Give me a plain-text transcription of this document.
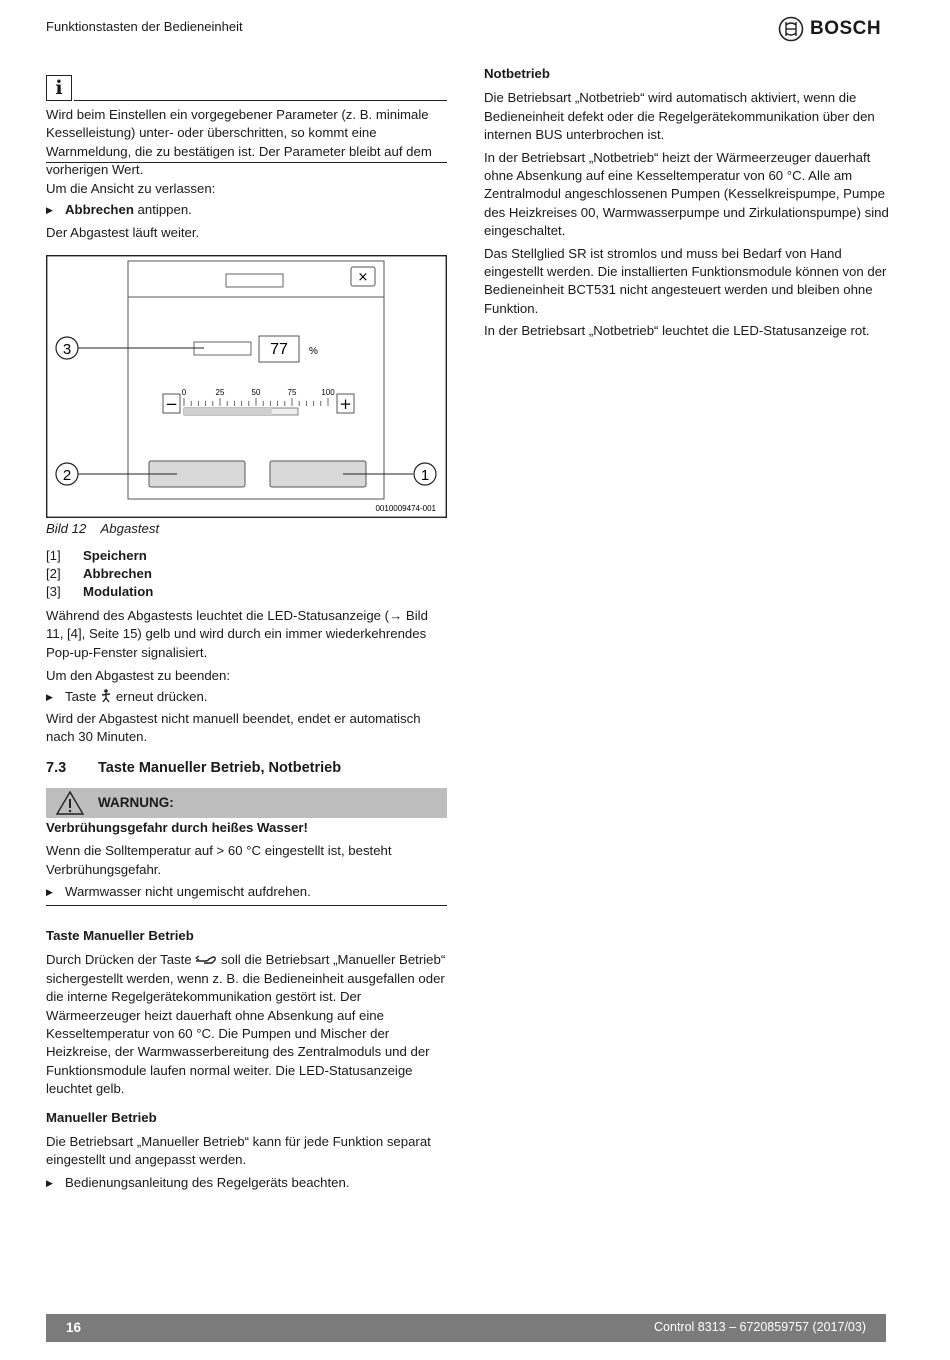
Funktionstasten der Bedieneinheit	BOSCH
i

Wird beim Einstellen ein vorgegebener Parameter (z. B. minimale Kesselleistung) unter- oder überschritten, so kommt eine Warnmeldung, die zu bestätigen ist. Der Parameter bleibt auf dem vorherigen Wert.

Um die Ansicht zu verlassen:

▶ Abbrechen antippen.

Der Abgastest läuft weiter.

×
77 %
0	25	50	75	100
−	+
3
2	1
0010009474-001

Bild 12    Abgastest

[1]	Speichern
[2]	Abbrechen
[3]	Modulation

Während des Abgastests leuchtet die LED-Statusanzeige (→ Bild 11, [4], Seite 15) gelb und wird durch ein immer wiederkehrendes Pop-up-Fenster signalisiert.

Um den Abgastest zu beenden:

▶ Taste  erneut drücken.

Wird der Abgastest nicht manuell beendet, endet er automatisch nach 30 Minuten.

7.3 Taste Manueller Betrieb, Notbetrieb
WARNUNG:

Verbrühungsgefahr durch heißes Wasser!

Wenn die Solltemperatur auf > 60 °C eingestellt ist, besteht Verbrühungsgefahr.

▶ Warmwasser nicht ungemischt aufdrehen.

Taste Manueller Betrieb

Durch Drücken der Taste  soll die Betriebsart „Manueller Betrieb“ sichergestellt werden, wenn z. B. die Bedieneinheit ausgefallen oder die interne Regelgerätekommunikation gestört ist. Der Wärmeerzeuger heizt dauerhaft ohne Absenkung auf eine Kesseltemperatur von 60 °C. Die Pumpen und Mischer der Heizkreise, der Warmwasserbereitung des Zentralmoduls und der Funktionsmodule laufen normal weiter. Die LED-Statusanzeige leuchtet gelb.

Manueller Betrieb

Die Betriebsart „Manueller Betrieb“ kann für jede Funktion separat eingestellt und angepasst werden.

▶ Bedienungsanleitung des Regelgeräts beachten.

Notbetrieb

Die Betriebsart „Notbetrieb“ wird automatisch aktiviert, wenn die Bedieneinheit defekt oder die Regelgerätekommunikation über den internen BUS unterbrochen ist.

In der Betriebsart „Notbetrieb“ heizt der Wärmeerzeuger dauerhaft ohne Absenkung auf eine Kesseltemperatur von 60 °C. Alle am Zentralmodul angeschlossenen Pumpen (Kesselkreispumpe, Pumpe des Heizkreises 00, Warmwasserpumpe und Zirkulationspumpe) sind eingeschaltet.

Das Stellglied SR ist stromlos und muss bei Bedarf von Hand eingestellt werden. Die installierten Funktionsmodule können von der Bedieneinheit BCT531 nicht angesteuert werden und bleiben ohne Funktion.

In der Betriebsart „Notbetrieb“ leuchtet die LED-Statusanzeige rot.

16	Control 8313 – 6720859757 (2017/03)
